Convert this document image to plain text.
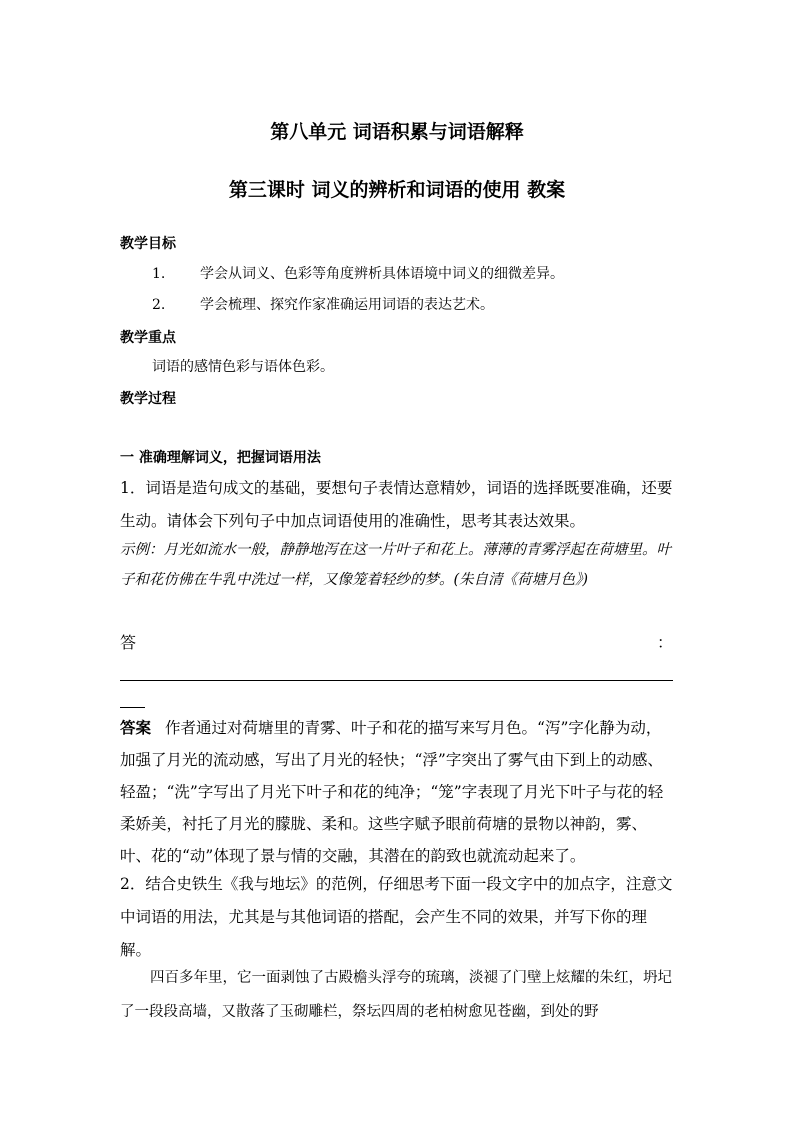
第八单元 词语积累与词语解释
第三课时 词义的辨析和词语的使用 教案
教学目标
1. 学会从词义、色彩等角度辨析具体语境中词义的细微差异。
2. 学会梳理、探究作家准确运用词语的表达艺术。
教学重点
词语的感情色彩与语体色彩。
教学过程
一 准确理解词义，把握词语用法
1．词语是造句成文的基础，要想句子表情达意精妙，词语的选择既要准确，还要生动。请体会下列句子中加点词语使用的准确性，思考其表达效果。
示例：月光如流水一般，静静地泻在这一片叶子和花上。薄薄的青雾浮起在荷塘里。叶子和花仿佛在牛乳中洗过一样，又像笼着轻纱的梦。(朱自清《荷塘月色》)
答	：
答案 作者通过对荷塘里的青雾、叶子和花的描写来写月色。“泻”字化静为动，加强了月光的流动感，写出了月光的轻快；“浮”字突出了雾气由下到上的动感、轻盈；“洗”字写出了月光下叶子和花的纯净；“笼”字表现了月光下叶子与花的轻柔娇美，衬托了月光的朦胧、柔和。这些字赋予眼前荷塘的景物以神韵，雾、叶、花的“动”体现了景与情的交融，其潜在的韵致也就流动起来了。
2．结合史铁生《我与地坛》的范例，仔细思考下面一段文字中的加点字，注意文中词语的用法，尤其是与其他词语的搭配，会产生不同的效果，并写下你的理解。
四百多年里，它一面剥蚀了古殿檐头浮夸的琉璃，淡褪了门壁上炫耀的朱红，坍圮了一段段高墙，又散落了玉砌雕栏，祭坛四周的老柏树愈见苍幽，到处的野
